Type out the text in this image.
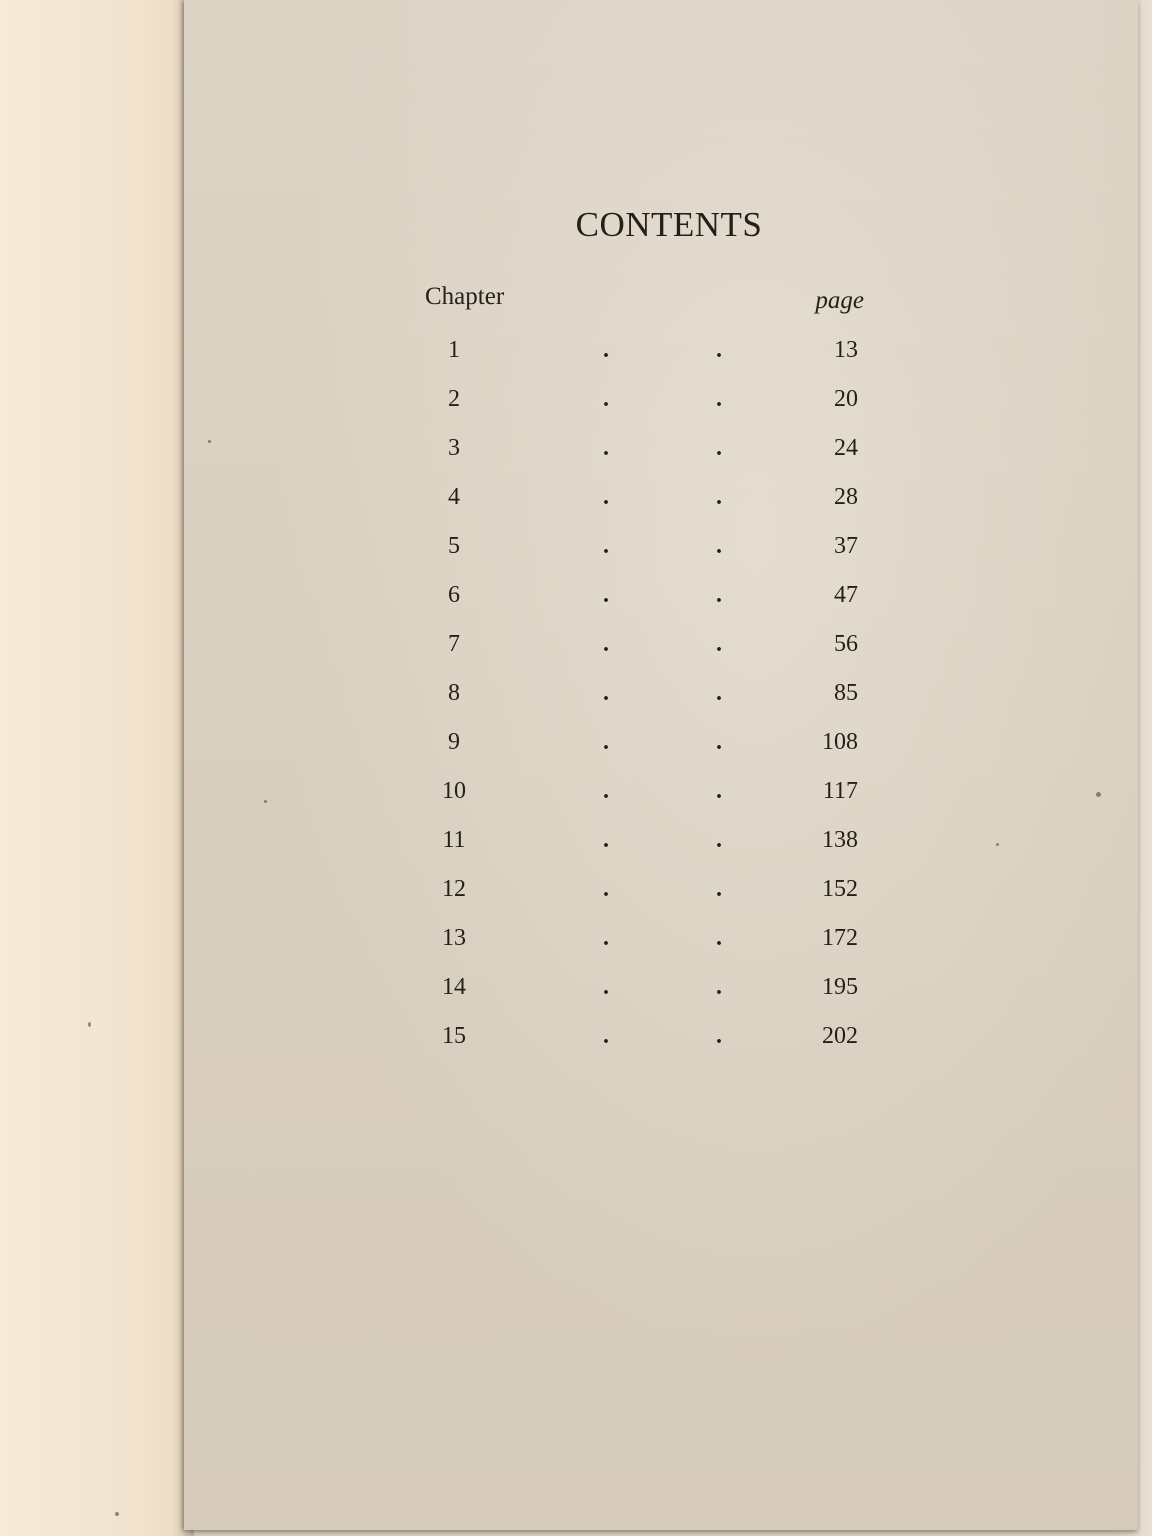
CONTENTS
Chapter	page
1	.	.	13
2	.	.	20
3	.	.	24
4	.	.	28
5	.	.	37
6	.	.	47
7	.	.	56
8	.	.	85
9	.	.	108
10	.	.	117
11	.	.	138
12	.	.	152
13	.	.	172
14	.	.	195
15	.	.	202
